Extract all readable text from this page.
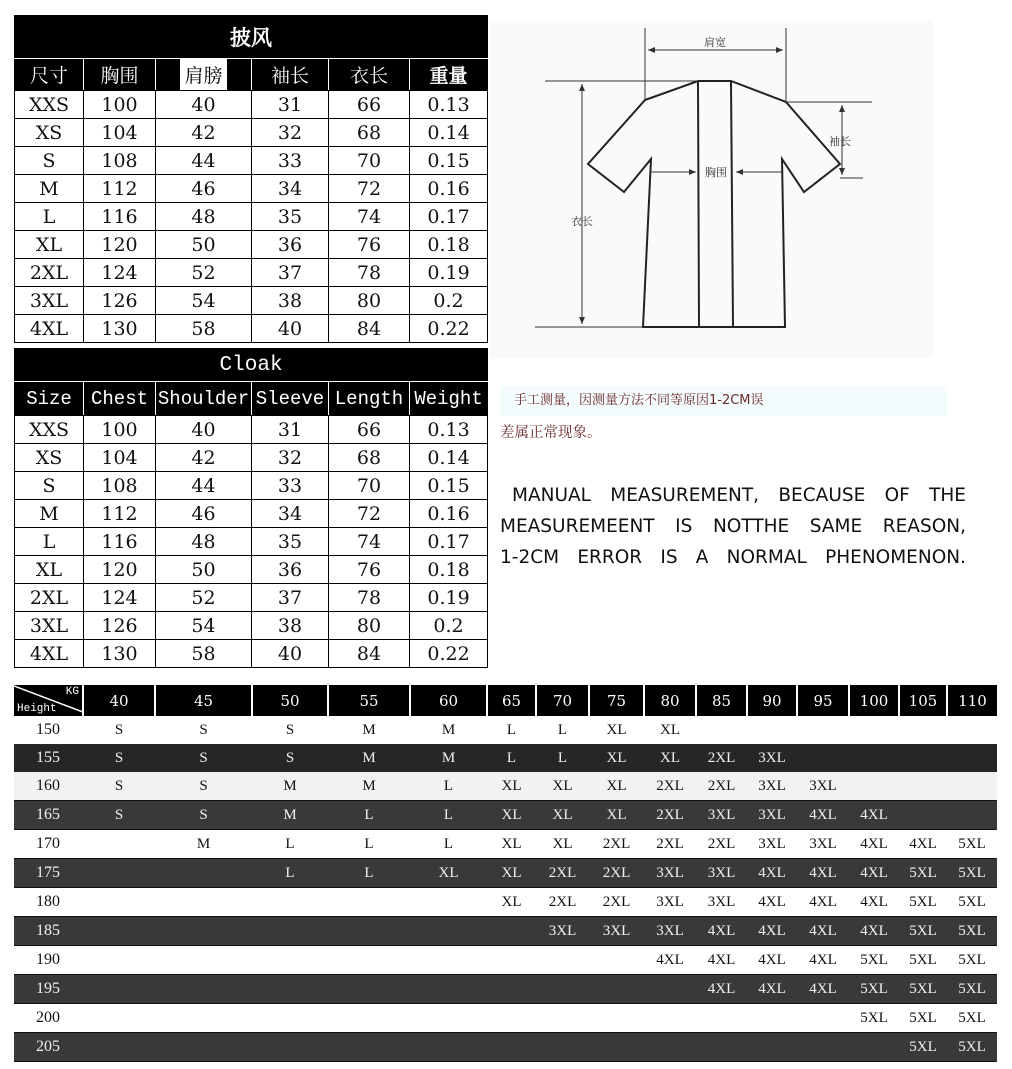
披风					
尺寸	胸围	肩膀	袖长	衣长	重量
XXS	100	40	31	66	0.13
XS	104	42	32	68	0.14
S	108	44	33	70	0.15
M	112	46	34	72	0.16
L	116	48	35	74	0.17
XL	120	50	36	76	0.18
2XL	124	52	37	78	0.19
3XL	126	54	38	80	0.2
4XL	130	58	40	84	0.22
Cloak					
Size	Chest	Shoulder	Sleeve	Length	Weight
XXS	100	40	31	66	0.13
XS	104	42	32	68	0.14
S	108	44	33	70	0.15
M	112	46	34	72	0.16
L	116	48	35	74	0.17
XL	120	50	36	76	0.18
2XL	124	52	37	78	0.19
3XL	126	54	38	80	0.2
4XL	130	58	40	84	0.22
肩宽
袖长
胸围
衣长
手工测量，因测量方法不同等原因1-2CM误
差属正常现象。
MANUAL MEASUREMENT, BECAUSE OF THE
MEASUREMEENT IS NOTTHE SAME REASON,
1-2CM ERROR IS A NORMAL PHENOMENON.
KG
Height	40	45	50	55	60	65	70	75	80	85	90	95	100	105	110
150	S	S	S	M	M	L	L	XL	XL						
155	S	S	S	M	M	L	L	XL	XL	2XL	3XL				
160	S	S	M	M	L	XL	XL	XL	2XL	2XL	3XL	3XL			
165	S	S	M	L	L	XL	XL	XL	2XL	3XL	3XL	4XL	4XL		
170		M	L	L	L	XL	XL	2XL	2XL	2XL	3XL	3XL	4XL	4XL	5XL
175			L	L	XL	XL	2XL	2XL	3XL	3XL	4XL	4XL	4XL	5XL	5XL
180						XL	2XL	2XL	3XL	3XL	4XL	4XL	4XL	5XL	5XL
185							3XL	3XL	3XL	4XL	4XL	4XL	4XL	5XL	5XL
190									4XL	4XL	4XL	4XL	5XL	5XL	5XL
195										4XL	4XL	4XL	5XL	5XL	5XL
200													5XL	5XL	5XL
205														5XL	5XL
